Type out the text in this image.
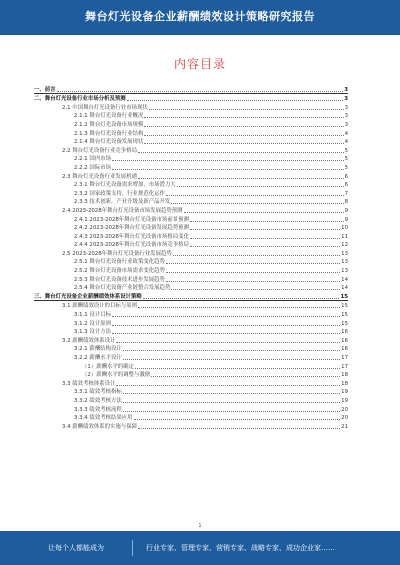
舞台灯光设备企业薪酬绩效设计策略研究报告
内容目录
一、前言	3
二、舞台灯光设备行业市场分析及预测	3
2.1 中国舞台灯光设备行业市场现状	3
2.1.1 舞台灯光设备行业概况	3
2.1.2 舞台灯光设备市场规模	3
2.1.3 舞台灯光设备行业结构	4
2.1.4 舞台灯光设备发展现状	4
2.2 舞台灯光设备行业竞争格局	5
2.2.1 国内市场	5
2.2.2 国际市场	5
2.3 舞台灯光设备行业发展机遇	6
2.3.1 舞台灯光设备需求增加，市场潜力大	6
2.3.2 国家政策支持，行业规范化运作	7
2.3.3 技术创新，产业升级及新产品开发	8
2.4 2023-2028年舞台灯光设备市场发展趋势预测	9
2.4.1 2023-2028年舞台灯光设备市场前景预测	9
2.4.2 2023-2028年舞台灯光设备发展趋势预测	10
2.4.3 2023-2028年舞台灯光设备市场格局变化	11
2.4.4 2023-2028年舞台灯光设备市场竞争格局	12
2.5 2023-2028年舞台灯光设备行业发展趋势	13
2.5.1 舞台灯光设备行业政策变化趋势	13
2.5.2 舞台灯光设备市场需求变化趋势	13
2.5.3 舞台灯光设备技术进步发展趋势	14
2.5.4 舞台灯光设备产业链整合发展趋势	14
三、舞台灯光设备企业薪酬绩效体系设计策略	15
3.1 薪酬绩效设计的目标与原则	15
3.1.1 设计目标	15
3.1.2 设计原则	15
3.1.3 设计方法	16
3.2 薪酬绩效体系设计	16
3.2.1 薪酬结构设计	16
3.2.2 薪酬水平设计	17
（1）薪酬水平的确定	17
（2）薪酬水平的调整与激励	18
3.3 绩效考核体系设计	18
3.3.1 绩效考核指标	19
3.3.2 绩效考核方法	19
3.3.3 绩效考核流程	20
3.3.4 绩效考核结果应用	20
3.4 薪酬绩效体系的实施与保障	21
1
让每个人都能成为	行业专家、管理专家、营销专家、战略专家、成功企业家……
